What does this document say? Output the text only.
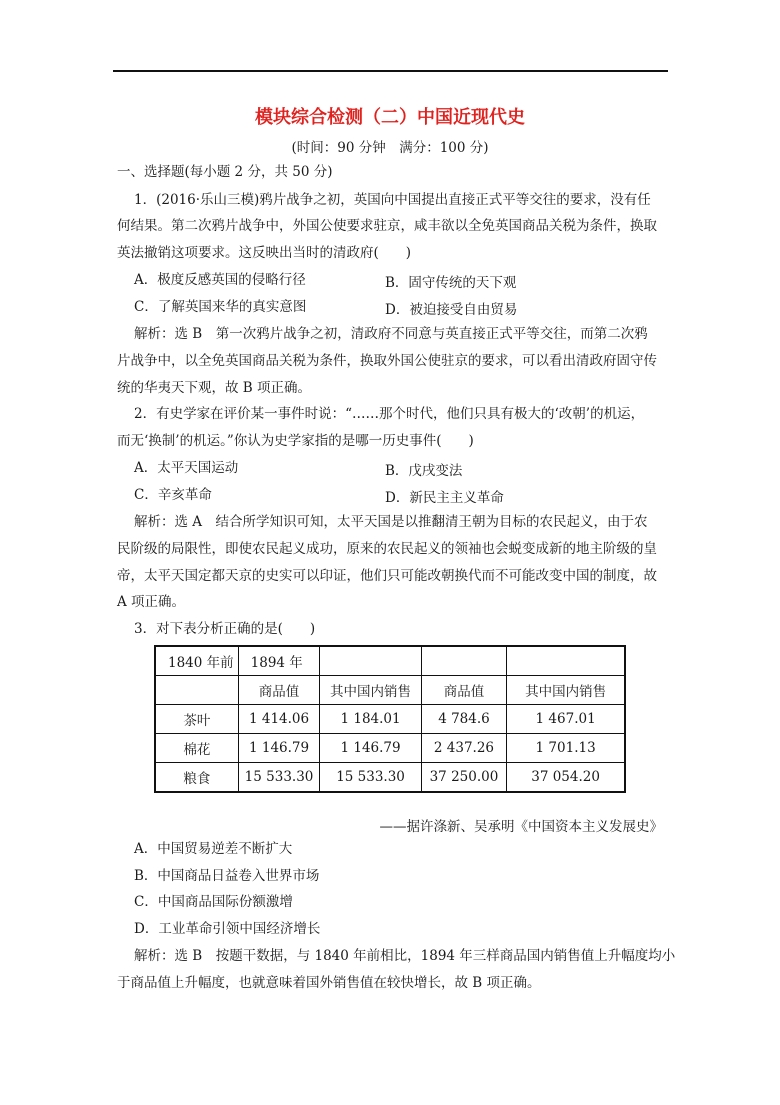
模块综合检测（二）中国近现代史
(时间：90 分钟　满分：100 分)
一、选择题(每小题 2 分，共 50 分)
1．(2016·乐山三模)鸦片战争之初，英国向中国提出直接正式平等交往的要求，没有任
何结果。第二次鸦片战争中，外国公使要求驻京，咸丰欲以全免英国商品关税为条件，换取
英法撤销这项要求。这反映出当时的清政府(　　)
A．极度反感英国的侵略行径	B．固守传统的天下观
C．了解英国来华的真实意图	D．被迫接受自由贸易
解析：选 B　第一次鸦片战争之初，清政府不同意与英直接正式平等交往，而第二次鸦
片战争中，以全免英国商品关税为条件，换取外国公使驻京的要求，可以看出清政府固守传
统的华夷天下观，故 B 项正确。
2．有史学家在评价某一事件时说：“……那个时代，他们只具有极大的‘改朝’的机运，
而无‘换制’的机运。”你认为史学家指的是哪一历史事件(　　)
A．太平天国运动	B．戊戌变法
C．辛亥革命	D．新民主主义革命
解析：选 A　结合所学知识可知，太平天国是以推翻清王朝为目标的农民起义，由于农
民阶级的局限性，即使农民起义成功，原来的农民起义的领袖也会蜕变成新的地主阶级的皇
帝，太平天国定都天京的史实可以印证，他们只可能改朝换代而不可能改变中国的制度，故
A 项正确。
3．对下表分析正确的是(　　)
1840 年前	1894 年			
	商品值	其中国内销售	商品值	其中国内销售
茶叶	1 414.06	1 184.01	4 784.6	1 467.01
棉花	1 146.79	1 146.79	2 437.26	1 701.13
粮食	15 533.30	15 533.30	37 250.00	37 054.20
——据许涤新、吴承明《中国资本主义发展史》
A．中国贸易逆差不断扩大
B．中国商品日益卷入世界市场
C．中国商品国际份额激增
D．工业革命引领中国经济增长
解析：选 B　按题干数据，与 1840 年前相比，1894 年三样商品国内销售值上升幅度均小
于商品值上升幅度，也就意味着国外销售值在较快增长，故 B 项正确。
